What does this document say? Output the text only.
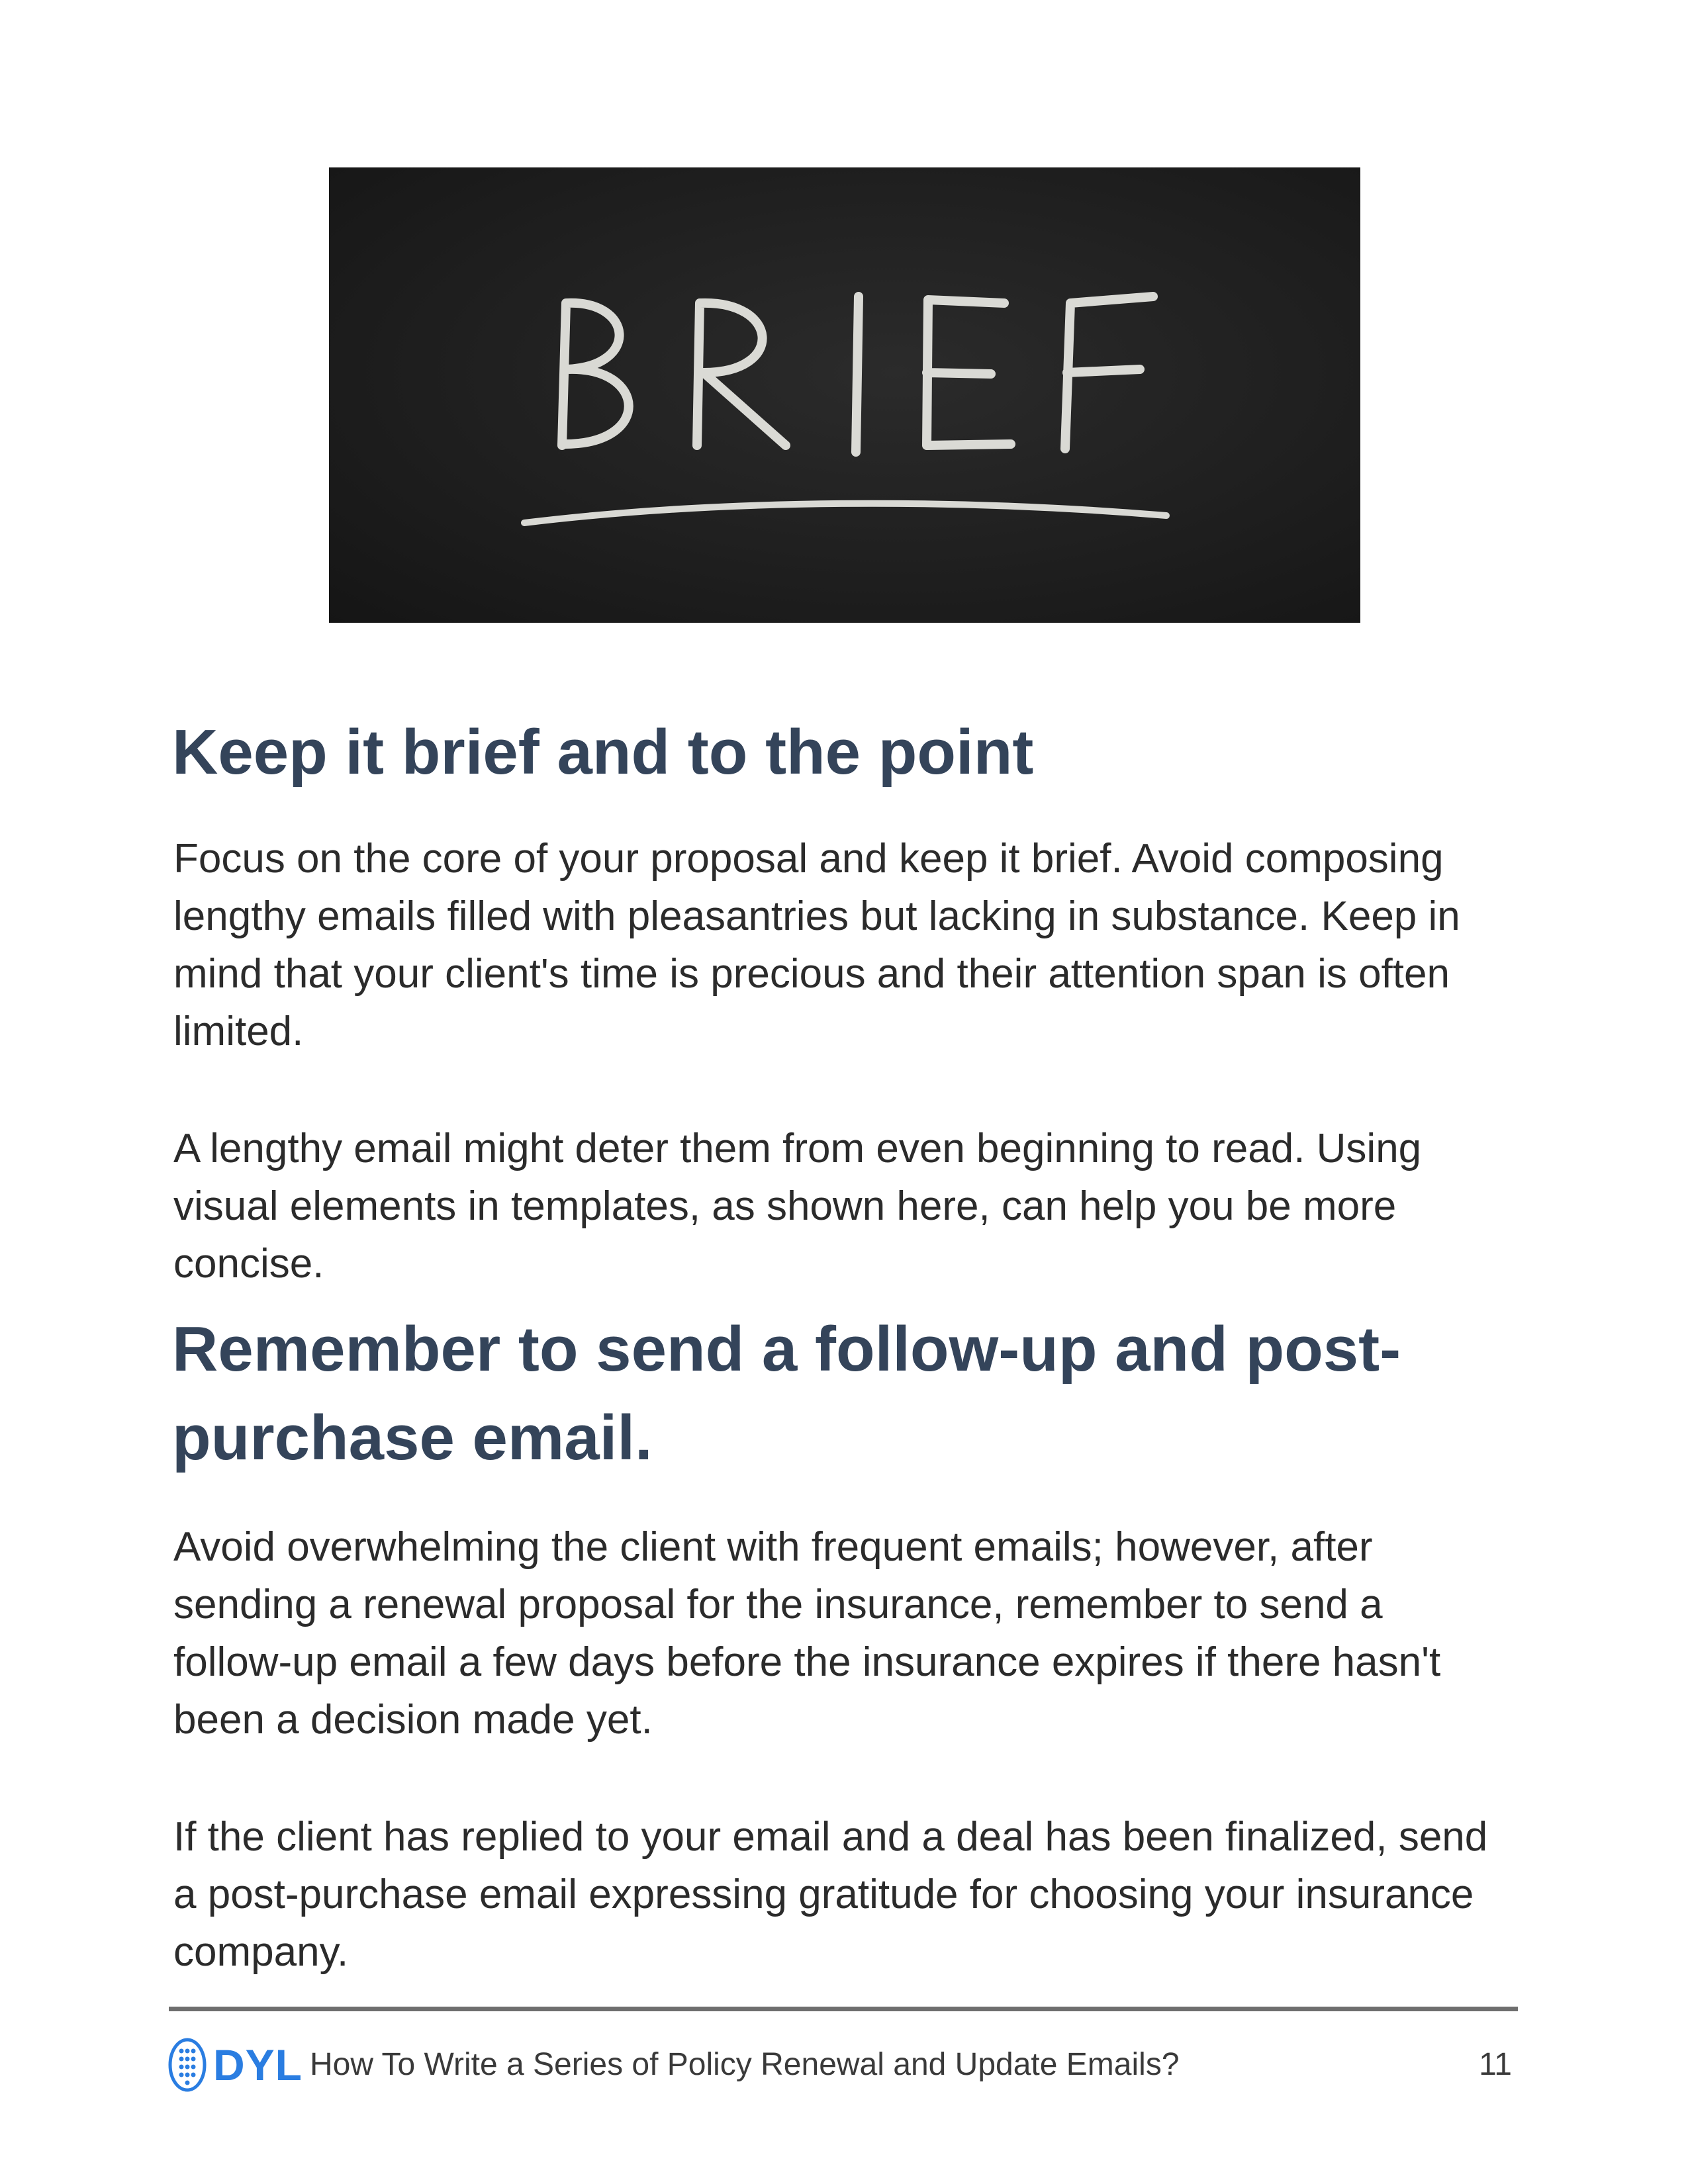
Keep it brief and to the point

Focus on the core of your proposal and keep it brief. Avoid composing lengthy emails filled with pleasantries but lacking in substance. Keep in mind that your client's time is precious and their attention span is often limited.

A lengthy email might deter them from even beginning to read. Using visual elements in templates, as shown here, can help you be more concise.

Remember to send a follow-up and post-purchase email.

Avoid overwhelming the client with frequent emails; however, after sending a renewal proposal for the insurance, remember to send a follow-up email a few days before the insurance expires if there hasn't been a decision made yet.

If the client has replied to your email and a deal has been finalized, send a post-purchase email expressing gratitude for choosing your insurance company.

DYL How To Write a Series of Policy Renewal and Update Emails?	11
